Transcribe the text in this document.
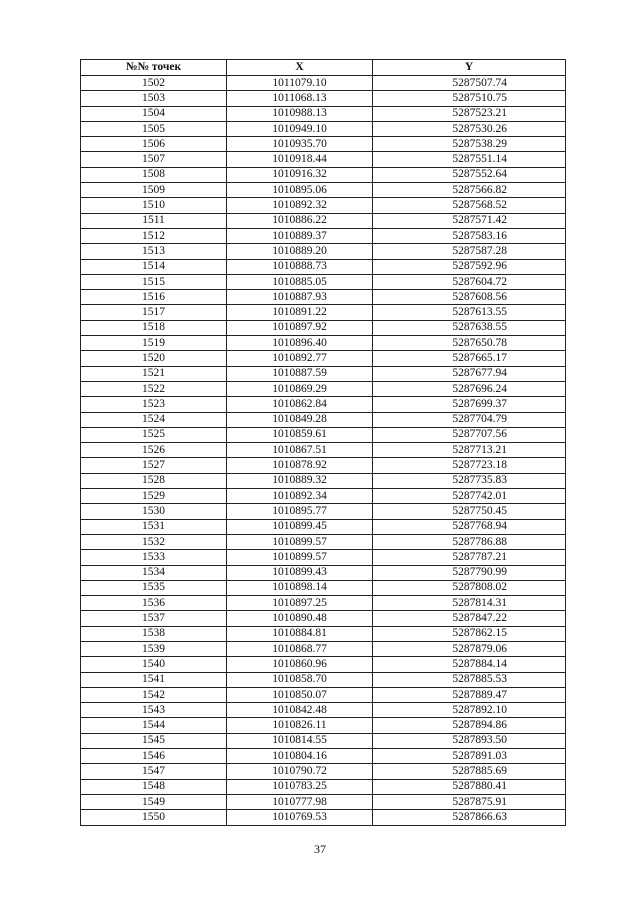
№№ точек	X	Y
1502	1011079.10	5287507.74
1503	1011068.13	5287510.75
1504	1010988.13	5287523.21
1505	1010949.10	5287530.26
1506	1010935.70	5287538.29
1507	1010918.44	5287551.14
1508	1010916.32	5287552.64
1509	1010895.06	5287566.82
1510	1010892.32	5287568.52
1511	1010886.22	5287571.42
1512	1010889.37	5287583.16
1513	1010889.20	5287587.28
1514	1010888.73	5287592.96
1515	1010885.05	5287604.72
1516	1010887.93	5287608.56
1517	1010891.22	5287613.55
1518	1010897.92	5287638.55
1519	1010896.40	5287650.78
1520	1010892.77	5287665.17
1521	1010887.59	5287677.94
1522	1010869.29	5287696.24
1523	1010862.84	5287699.37
1524	1010849.28	5287704.79
1525	1010859.61	5287707.56
1526	1010867.51	5287713.21
1527	1010878.92	5287723.18
1528	1010889.32	5287735.83
1529	1010892.34	5287742.01
1530	1010895.77	5287750.45
1531	1010899.45	5287768.94
1532	1010899.57	5287786.88
1533	1010899.57	5287787.21
1534	1010899.43	5287790.99
1535	1010898.14	5287808.02
1536	1010897.25	5287814.31
1537	1010890.48	5287847.22
1538	1010884.81	5287862.15
1539	1010868.77	5287879.06
1540	1010860.96	5287884.14
1541	1010858.70	5287885.53
1542	1010850.07	5287889.47
1543	1010842.48	5287892.10
1544	1010826.11	5287894.86
1545	1010814.55	5287893.50
1546	1010804.16	5287891.03
1547	1010790.72	5287885.69
1548	1010783.25	5287880.41
1549	1010777.98	5287875.91
1550	1010769.53	5287866.63
37
